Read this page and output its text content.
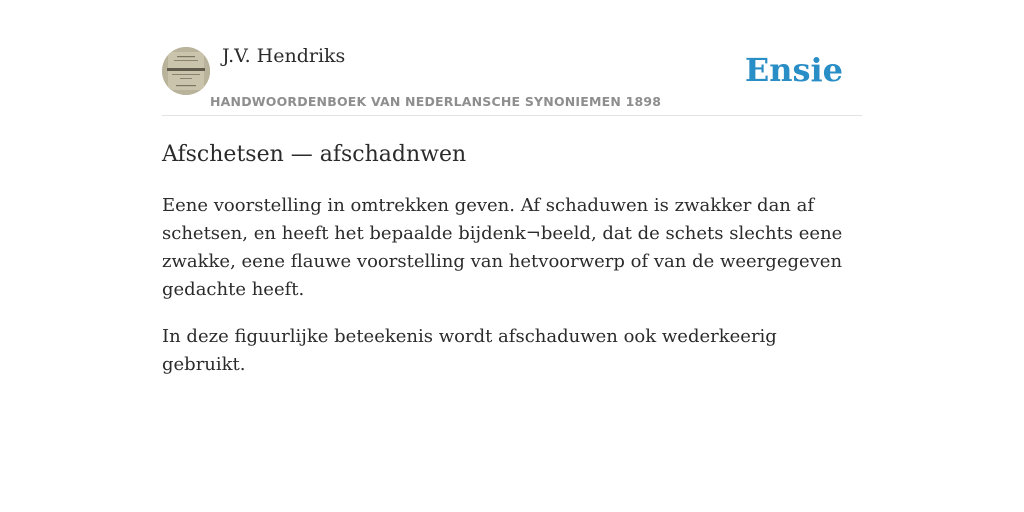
J.V. Hendriks
HANDWOORDENBOEK VAN NEDERLANSCHE SYNONIEMEN 1898
Ensie
Afschetsen — afschadnwen

Eene voorstelling in omtrekken geven. Af schaduwen is zwakker dan af schetsen, en heeft het bepaalde bijdenk¬beeld, dat de schets slechts eene zwakke, eene flauwe voorstelling van hetvoorwerp of van de weergegeven gedachte heeft.

In deze figuurlijke beteekenis wordt afschaduwen ook wederkeerig gebruikt.
